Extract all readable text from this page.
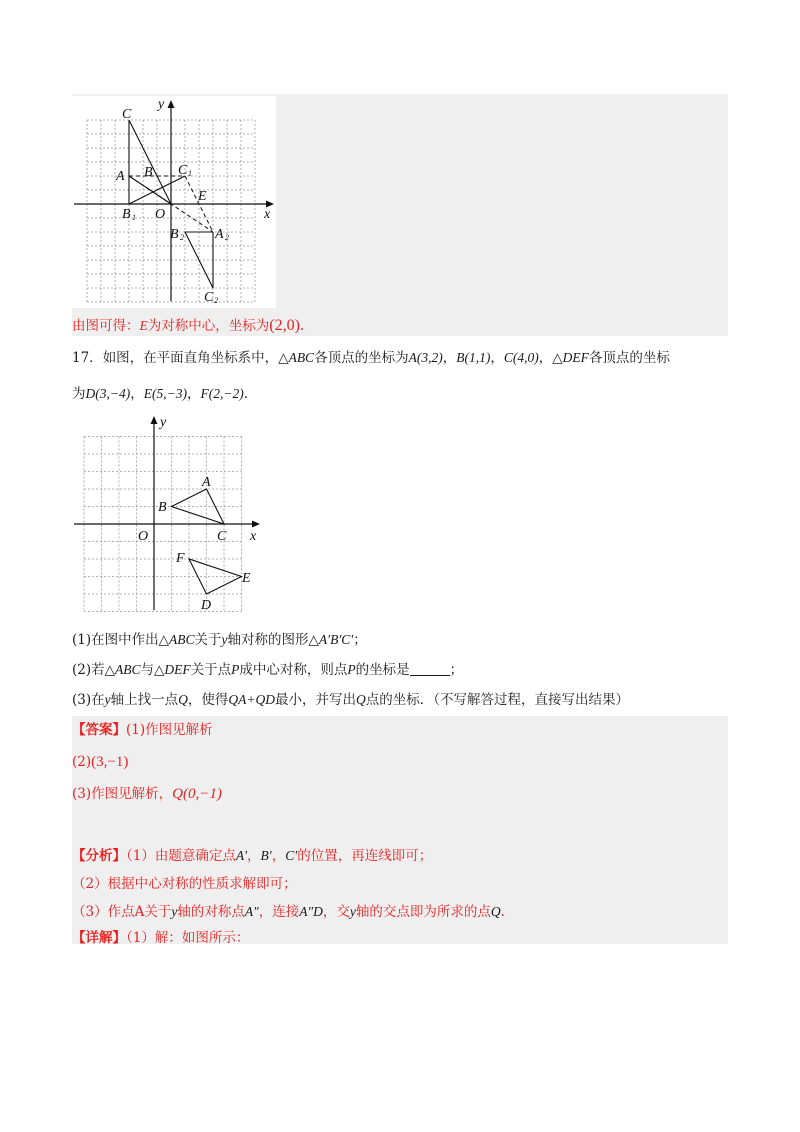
y
x
C
A B C 1
E
B 1 O
B 2 A 2
C 2
由图可得：E为对称中心，坐标为(2,0).
17．如图，在平面直角坐标系中，△ABC各顶点的坐标为A(3,2)，B(1,1)，C(4,0)，△DEF各顶点的坐标
为D(3,−4)，E(5,−3)，F(2,−2).
y
x
O
A
B
C
F
E
D
(1)在图中作出△ABC关于y轴对称的图形△A′B′C′；
(2)若△ABC与△DEF关于点P成中心对称，则点P的坐标是	；
(3)在y轴上找一点Q，使得QA+QD最小，并写出Q点的坐标．（不写解答过程，直接写出结果）
【答案】(1)作图见解析
(2)(3,−1)
(3)作图见解析，Q(0,−1)
【分析】（1）由题意确定点A′，B′，C′的位置，再连线即可；
（2）根据中心对称的性质求解即可；
（3）作点A关于y轴的对称点A″，连接A″D，交y轴的交点即为所求的点Q.
【详解】（1）解：如图所示：
